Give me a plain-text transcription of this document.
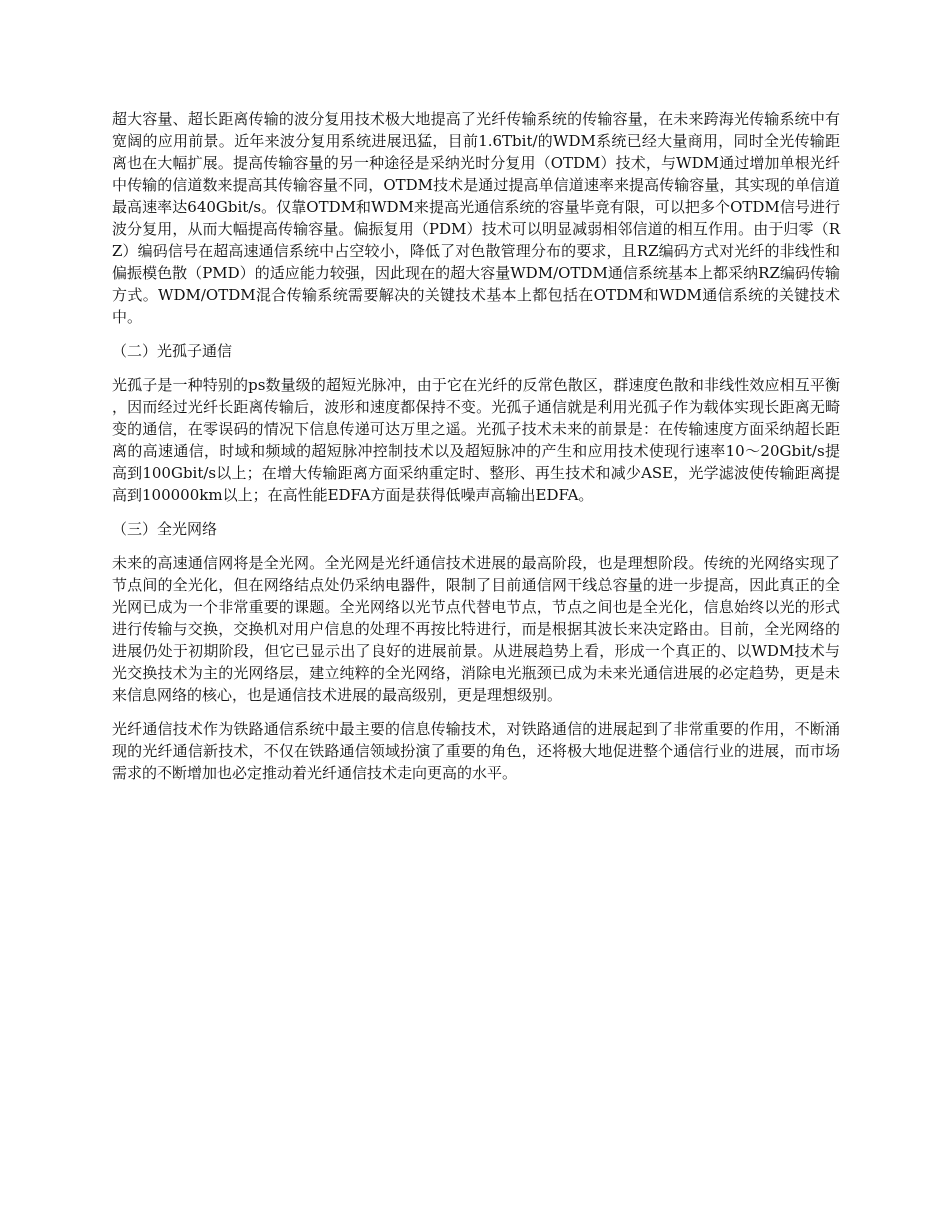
超大容量、超长距离传输的波分复用技术极大地提高了光纤传输系统的传输容量，在未来跨海光传输系统中有宽阔的应用前景。近年来波分复用系统进展迅猛，目前1.6Tbit/的WDM系统已经大量商用，同时全光传输距离也在大幅扩展。提高传输容量的另一种途径是采纳光时分复用（OTDM）技术，与WDM通过增加单根光纤中传输的信道数来提高其传输容量不同，OTDM技术是通过提高单信道速率来提高传输容量，其实现的单信道最高速率达640Gbit/s。仅靠OTDM和WDM来提高光通信系统的容量毕竟有限，可以把多个OTDM信号进行波分复用，从而大幅提高传输容量。偏振复用（PDM）技术可以明显减弱相邻信道的相互作用。由于归零（RZ）编码信号在超高速通信系统中占空较小，降低了对色散管理分布的要求，且RZ编码方式对光纤的非线性和偏振模色散（PMD）的适应能力较强，因此现在的超大容量WDM/OTDM通信系统基本上都采纳RZ编码传输方式。WDM/OTDM混合传输系统需要解决的关键技术基本上都包括在OTDM和WDM通信系统的关键技术中。

（二）光孤子通信

光孤子是一种特别的ps数量级的超短光脉冲，由于它在光纤的反常色散区，群速度色散和非线性效应相互平衡，因而经过光纤长距离传输后，波形和速度都保持不变。光孤子通信就是利用光孤子作为载体实现长距离无畸变的通信，在零误码的情况下信息传递可达万里之遥。光孤子技术未来的前景是：在传输速度方面采纳超长距离的高速通信，时域和频域的超短脉冲控制技术以及超短脉冲的产生和应用技术使现行速率10～20Gbit/s提高到100Gbit/s以上；在增大传输距离方面采纳重定时、整形、再生技术和减少ASE，光学滤波使传输距离提高到100000km以上；在高性能EDFA方面是获得低噪声高输出EDFA。

（三）全光网络

未来的高速通信网将是全光网。全光网是光纤通信技术进展的最高阶段，也是理想阶段。传统的光网络实现了节点间的全光化，但在网络结点处仍采纳电器件，限制了目前通信网干线总容量的进一步提高，因此真正的全光网已成为一个非常重要的课题。全光网络以光节点代替电节点，节点之间也是全光化，信息始终以光的形式进行传输与交换，交换机对用户信息的处理不再按比特进行，而是根据其波长来决定路由。目前，全光网络的进展仍处于初期阶段，但它已显示出了良好的进展前景。从进展趋势上看，形成一个真正的、以WDM技术与光交换技术为主的光网络层，建立纯粹的全光网络，消除电光瓶颈已成为未来光通信进展的必定趋势，更是未来信息网络的核心，也是通信技术进展的最高级别，更是理想级别。

光纤通信技术作为铁路通信系统中最主要的信息传输技术，对铁路通信的进展起到了非常重要的作用，不断涌现的光纤通信新技术，不仅在铁路通信领域扮演了重要的角色，还将极大地促进整个通信行业的进展，而市场需求的不断增加也必定推动着光纤通信技术走向更高的水平。
